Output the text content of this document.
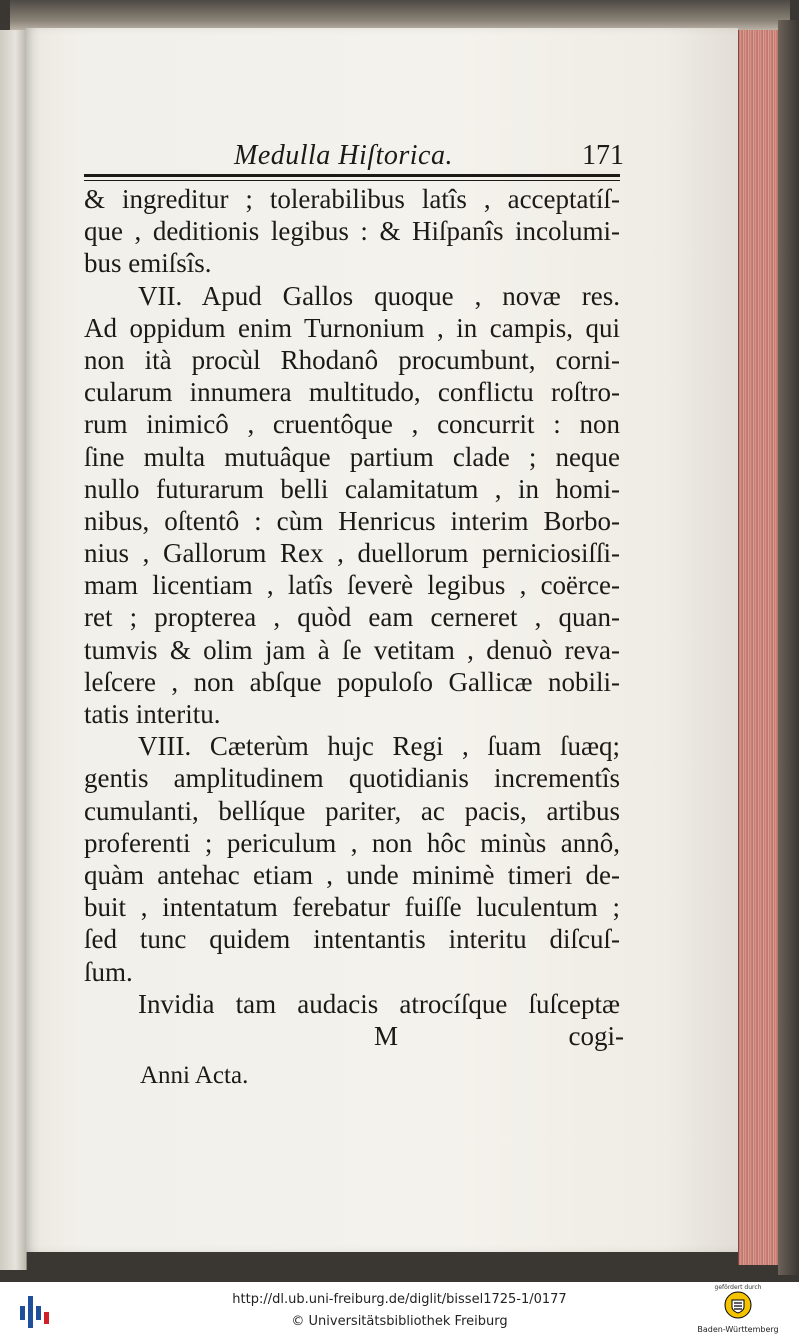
Medulla Hiſtorica.	171
& ingreditur ; tolerabilibus latîs , acceptatíſ-
que , deditionis legibus : & Hiſpanîs incolumi-
bus emiſsîs.
VII. Apud Gallos quoque , novæ res.
Ad oppidum enim Turnonium , in campis, qui
non ità procùl Rhodanô procumbunt, corni-
cularum innumera multitudo, conflictu roſtro-
rum inimicô , cruentôque , concurrit : non
ſine multa mutuâque partium clade ; neque
nullo futurarum belli calamitatum , in homi-
nibus, oſtentô : cùm Henricus interim Borbo-
nius , Gallorum Rex , duellorum perniciosiſſi-
mam licentiam , latîs ſeverè legibus , coërce-
ret ; propterea , quòd eam cerneret , quan-
tumvis & olim jam à ſe vetitam , denuò reva-
leſcere , non abſque populoſo Gallicæ nobili-
tatis interitu.
VIII. Cæterùm hujc Regi , ſuam ſuæq;
gentis amplitudinem quotidianis incrementîs
cumulanti, bellíque pariter, ac pacis, artibus
proferenti ; periculum , non hôc minùs annô,
quàm antehac etiam , unde minimè timeri de-
buit , intentatum ferebatur fuiſſe luculentum ;
ſed tunc quidem intentantis interitu diſcuſ-
ſum.
Invidia tam audacis atrocíſque ſuſceptæ
M	cogi-
Anni Acta.
http://dl.ub.uni-freiburg.de/diglit/bissel1725-1/0177
© Universitätsbibliothek Freiburg
gefördert durch
Baden-Württemberg
